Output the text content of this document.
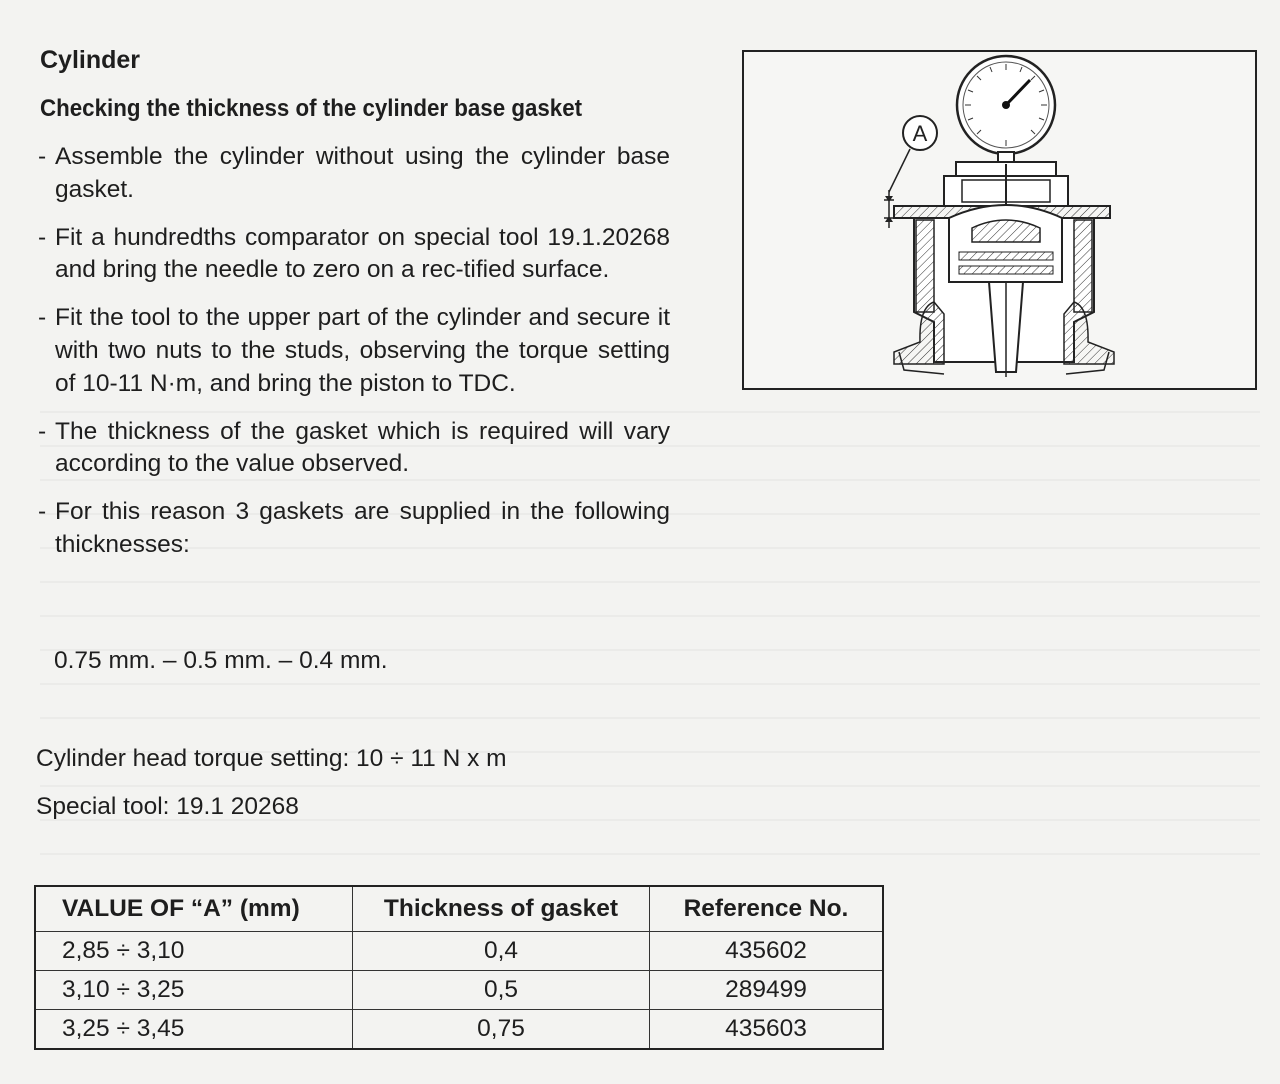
Cylinder
Checking the thickness of the cylinder base gasket
- Assemble the cylinder without using the cylinder base gasket.
- Fit a hundredths comparator on special tool 19.1.20268 and bring the needle to zero on a rec-tified surface.
- Fit the tool to the upper part of the cylinder and secure it with two nuts to the studs, observing the torque setting of 10-11 N·m, and bring the piston to TDC.
- The thickness of the gasket which is required will vary according to the value observed.
- For this reason 3 gaskets are supplied in the following thicknesses:

0.75 mm. – 0.5 mm. – 0.4 mm.

Cylinder head torque setting: 10 ÷ 11 N x m

Special tool: 19.1 20268

A
VALUE OF “A” (mm)	Thickness of gasket	Reference No.
2,85 ÷ 3,10	0,4	435602
3,10 ÷ 3,25	0,5	289499
3,25 ÷ 3,45	0,75	435603
